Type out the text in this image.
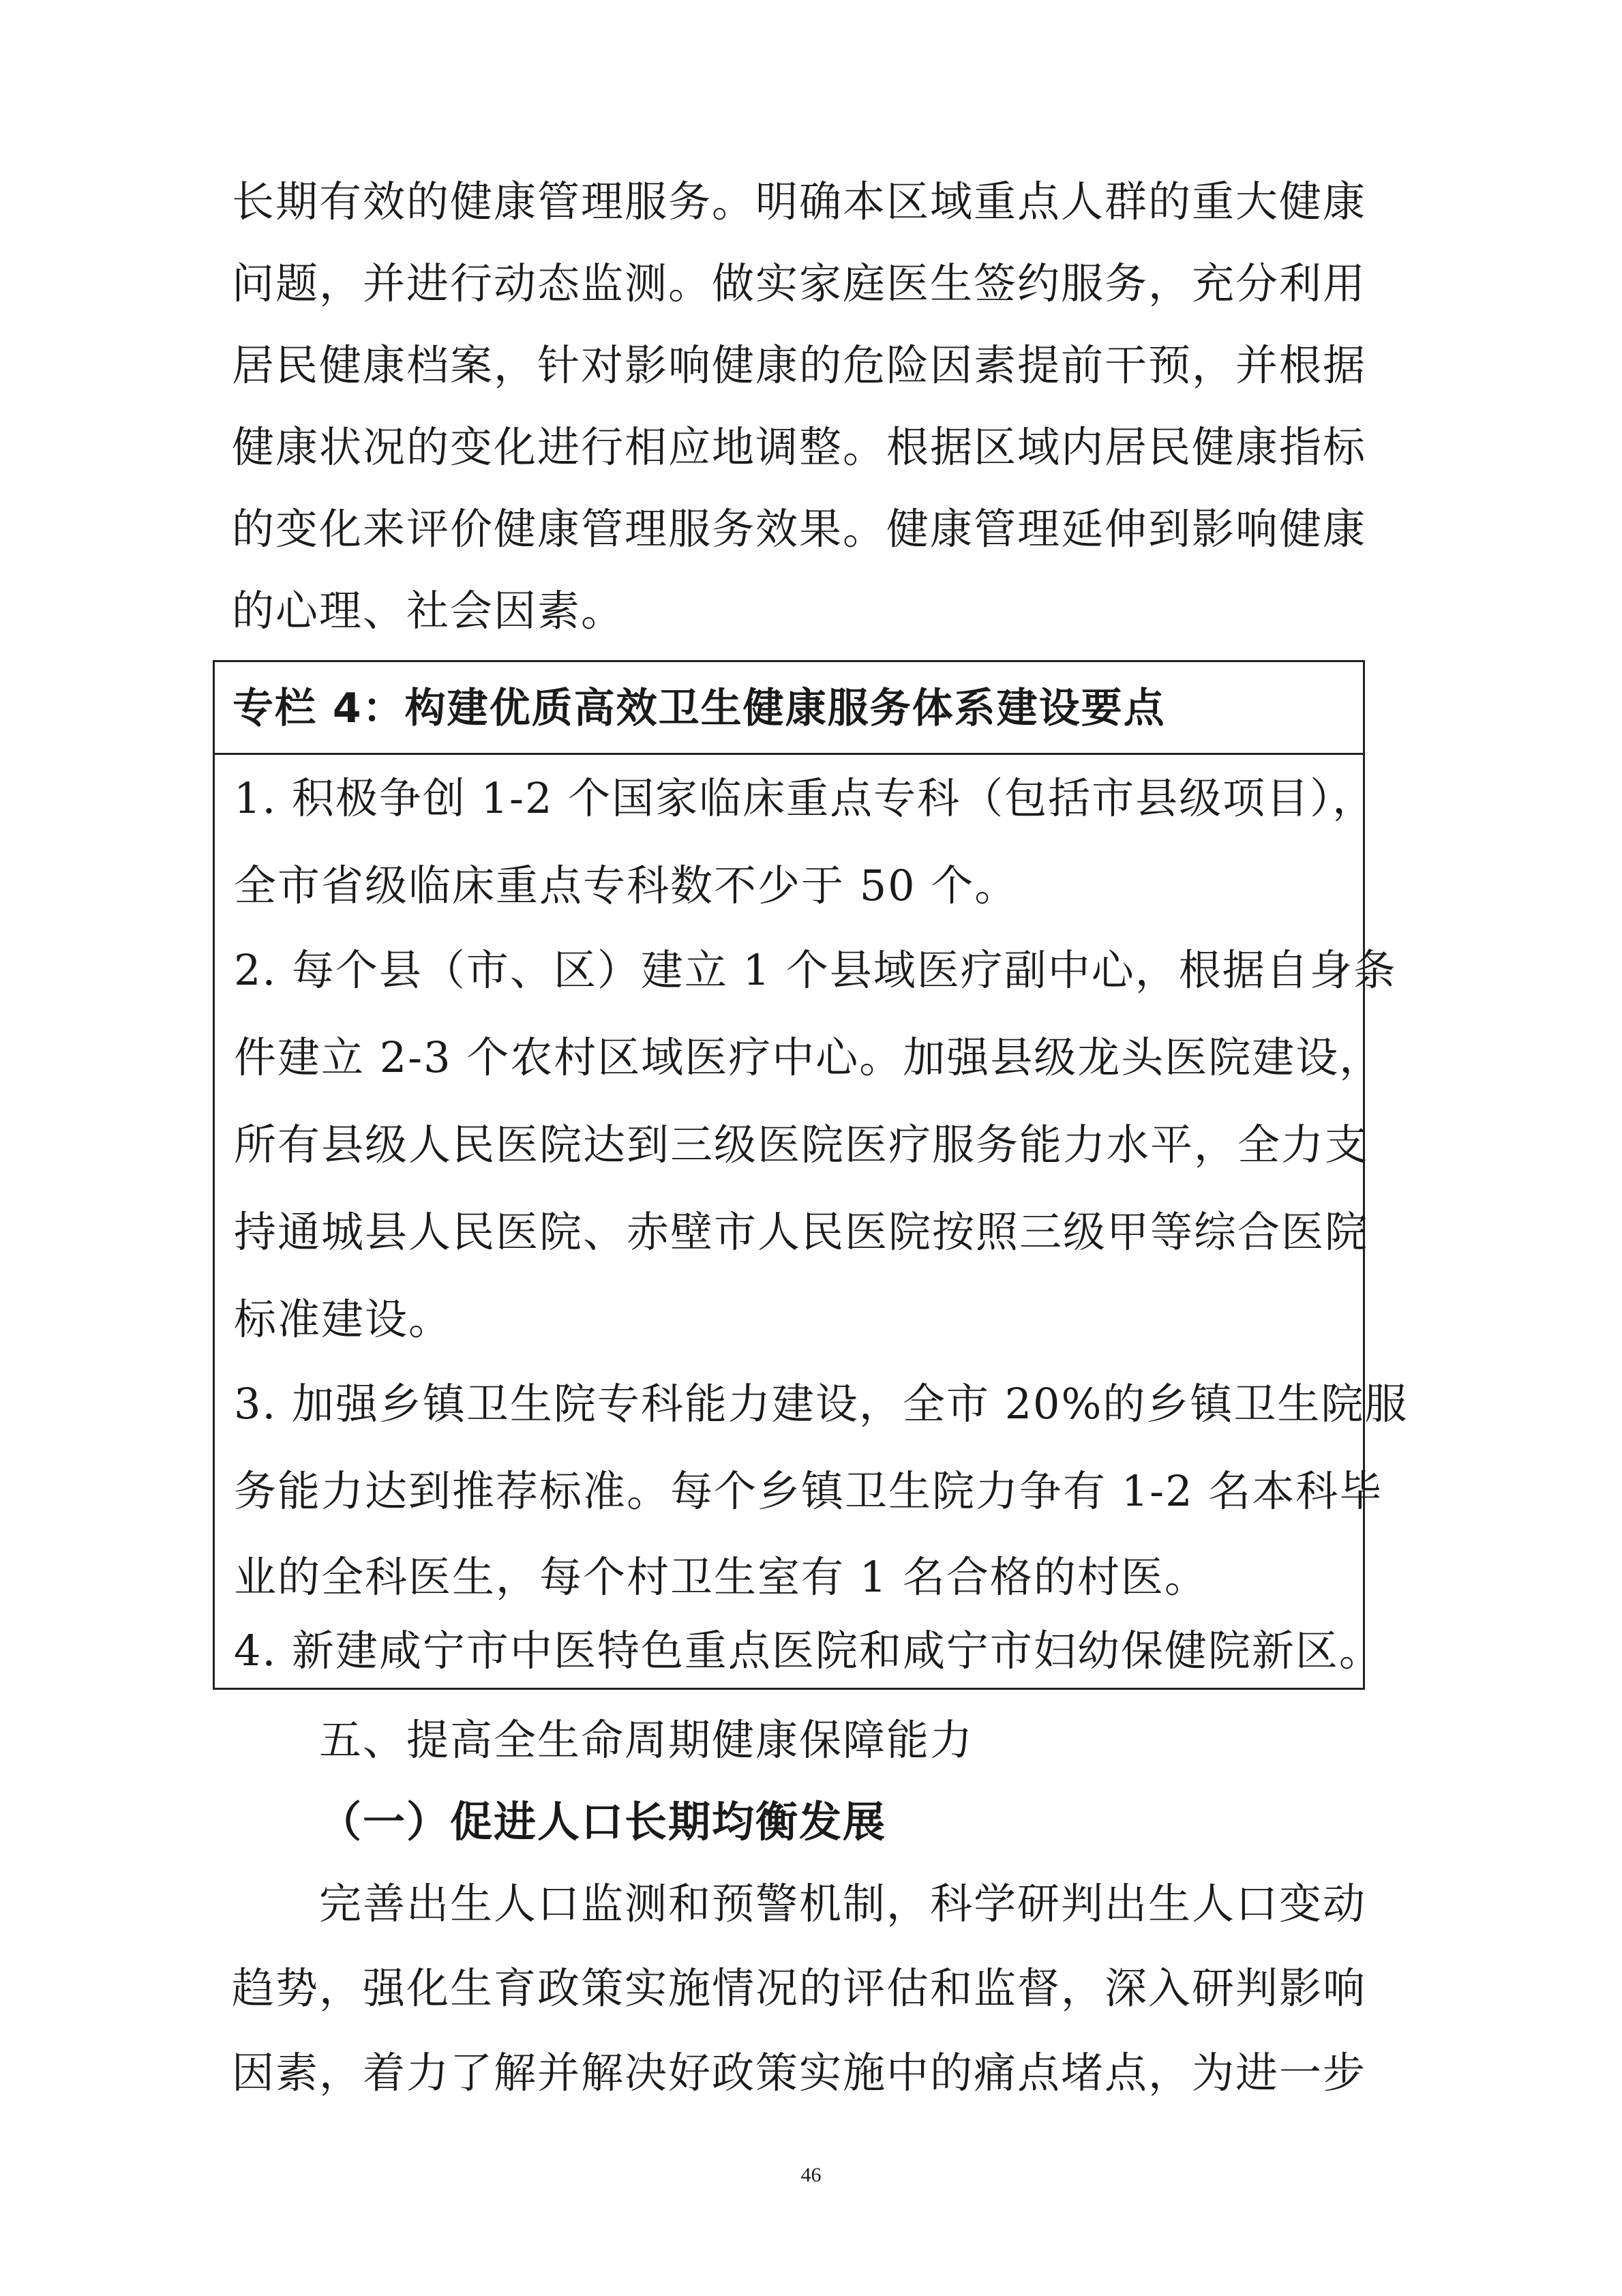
长期有效的健康管理服务。明确本区域重点人群的重大健康
问题，并进行动态监测。做实家庭医生签约服务，充分利用
居民健康档案，针对影响健康的危险因素提前干预，并根据
健康状况的变化进行相应地调整。根据区域内居民健康指标
的变化来评价健康管理服务效果。健康管理延伸到影响健康
专栏 4：构建优质高效卫生健康服务体系建设要点
1. 积极争创 1-2 个国家临床重点专科（包括市县级项目），
全市省级临床重点专科数不少于 50 个。
2. 每个县（市、区）建立 1 个县域医疗副中心，根据自身条
件建立 2-3 个农村区域医疗中心。加强县级龙头医院建设，
所有县级人民医院达到三级医院医疗服务能力水平，全力支
持通城县人民医院、赤壁市人民医院按照三级甲等综合医院
标准建设。
3. 加强乡镇卫生院专科能力建设，全市 20%的乡镇卫生院服
务能力达到推荐标准。每个乡镇卫生院力争有 1-2 名本科毕
业的全科医生，每个村卫生室有 1 名合格的村医。
4. 新建咸宁市中医特色重点医院和咸宁市妇幼保健院新区。
五、提高全生命周期健康保障能力
（一）促进人口长期均衡发展
完善出生人口监测和预警机制，科学研判出生人口变动
趋势，强化生育政策实施情况的评估和监督，深入研判影响
因素，着力了解并解决好政策实施中的痛点堵点，为进一步
46
的心理、社会因素。
